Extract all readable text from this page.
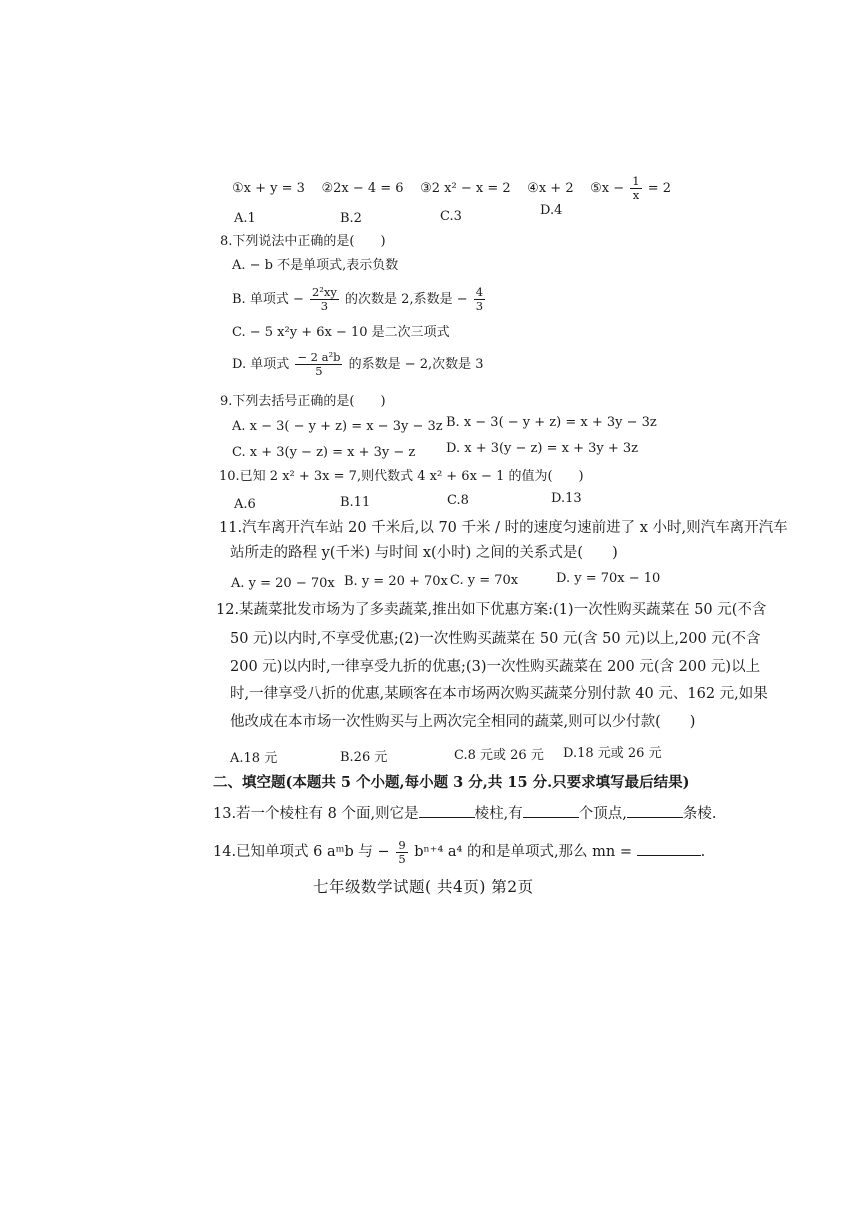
①x + y = 3 ②2x − 4 = 6 ③2 x² − x = 2 ④x + 2 ⑤x − $\frac{1}{x} = 2$
A.1	B.2	C.3	D.4
8.下列说法中正确的是(　　)
A. − b 不是单项式,表示负数
B. 单项式 − $\frac{\text{2²xy}}{3}$ 的次数是 2,系数是 − $\frac{4}{3}$
C. − 5 x²y + 6x − 10 是二次三项式
D. 单项式 $\frac{\text{− 2 a²b}}{5}$ 的系数是 − 2,次数是 3
9.下列去括号正确的是(　　)
A. x − 3( − y + z) = x − 3y − 3z B. x − 3( − y + z) = x + 3y − 3z
C. x + 3(y − z) = x + 3y − z D. x + 3(y − z) = x + 3y + 3z
10.已知 2 x² + 3x = 7,则代数式 4 x² + 6x − 1 的值为(　　)
A.6	B.11	C.8	D.13
11.汽车离开汽车站 20 千米后,以 70 千米 / 时的速度匀速前进了 x 小时,则汽车离开汽车
站所走的路程 y(千米) 与时间 x(小时) 之间的关系式是(　　)
A. y = 20 − 70x B. y = 20 + 70x C. y = 70x	D. y = 70x − 10
12.某蔬菜批发市场为了多卖蔬菜,推出如下优惠方案:(1)一次性购买蔬菜在 50 元(不含
50 元)以内时,不享受优惠;(2)一次性购买蔬菜在 50 元(含 50 元)以上,200 元(不含
200 元)以内时,一律享受九折的优惠;(3)一次性购买蔬菜在 200 元(含 200 元)以上
时,一律享受八折的优惠,某顾客在本市场两次购买蔬菜分别付款 40 元、162 元,如果
他改成在本市场一次性购买与上两次完全相同的蔬菜,则可以少付款(　　)
A.18 元	B.26 元	C.8 元或 26 元 D.18 元或 26 元
二、填空题(本题共 5 个小题,每小题 3 分,共 15 分.只要求填写最后结果)
13.若一个棱柱有 8 个面,则它是	棱柱,有	个顶点,	条棱.
14.已知单项式 6 aᵐb 与 − $\frac{9}{5} b^{n+4}$ a⁴ 的和是单项式,那么 mn =	.
七年级数学试题( 共4页) 第2页
